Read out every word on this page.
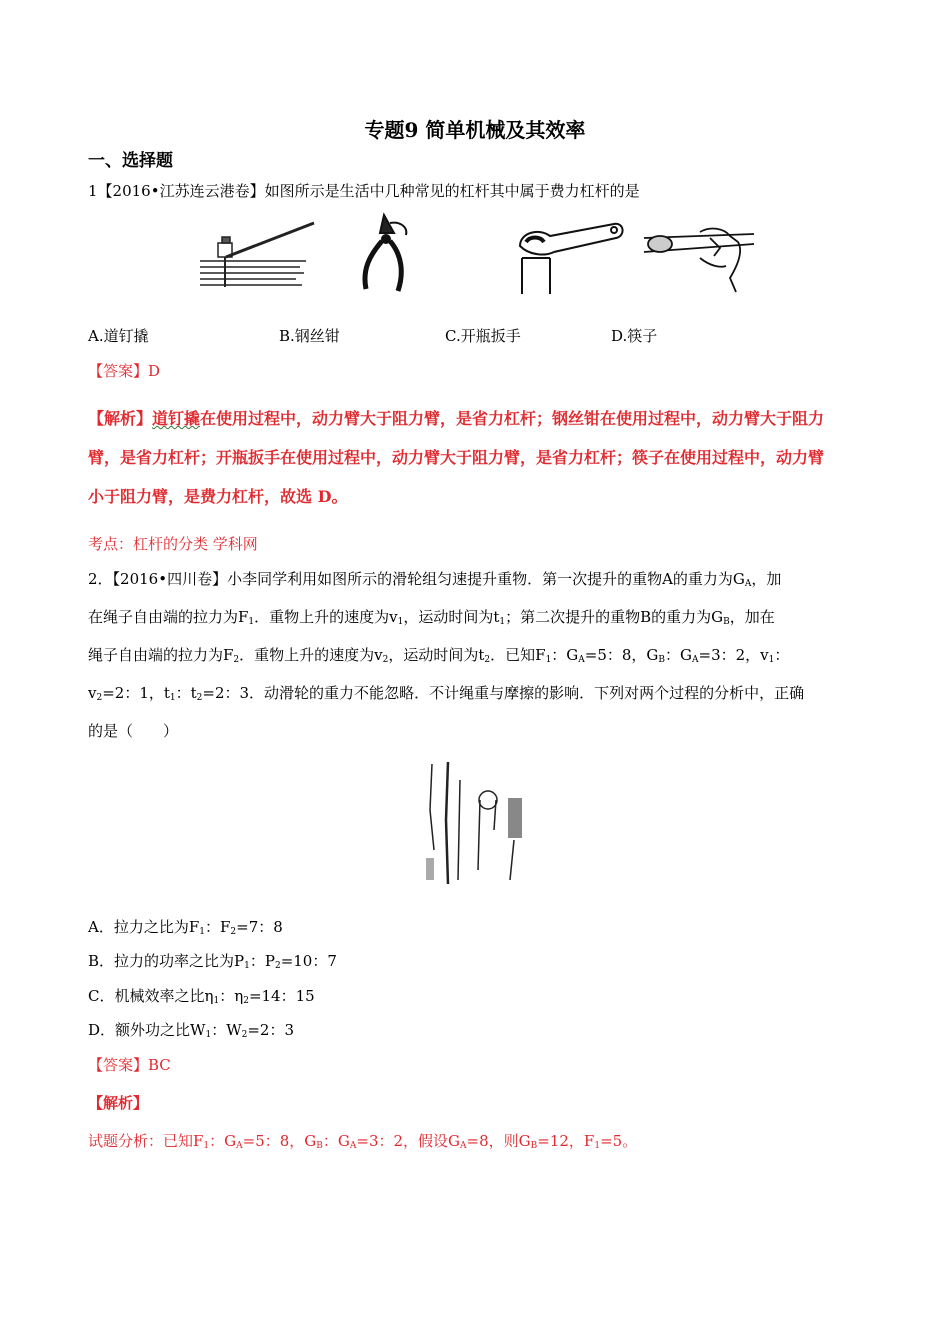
专题9 简单机械及其效率
一、选择题
1【2016•江苏连云港卷】如图所示是生活中几种常见的杠杆其中属于费力杠杆的是
A.道钉撬	B.钢丝钳	C.开瓶扳手	D.筷子
【答案】D
【解析】道钉撬在使用过程中，动力臂大于阻力臂，是省力杠杆；钢丝钳在使用过程中，动力臂大于阻力
臂，是省力杠杆；开瓶扳手在使用过程中，动力臂大于阻力臂，是省力杠杆；筷子在使用过程中，动力臂
小于阻力臂，是费力杠杆，故选 D。
考点：杠杆的分类 学科网
2．【2016•四川卷】小李同学利用如图所示的滑轮组匀速提升重物．第一次提升的重物A的重力为$G_A$，加
在绳子自由端的拉力为$F_1$．重物上升的速度为$v_1$，运动时间为$t_1$；第二次提升的重物B的重力为$G_B$，加在
绳子自由端的拉力为$F_2$．重物上升的速度为$v_2$，运动时间为$t_2$．已知$F_1$：$G_A=5$：8，$G_B$：$G_A=3$：2，$v_1$：
$v_2=2$：1，$t_1$：$t_2=2$：3．动滑轮的重力不能忽略．不计绳重与摩擦的影响．下列对两个过程的分析中，正确
的是（　　）
A．拉力之比为$F_1$：$F_2=7$：8
B．拉力的功率之比为$P_1$：$P_2=10$：7
C．机械效率之比$\eta_1$：$\eta_2=14$：15
D．额外功之比$W_1$：$W_2=2$：3
【答案】BC
【解析】
试题分析：已知$F_1$：$G_A=5$：8，$G_B$：$G_A=3$：2，假设$G_A=8$，则$G_B=12$，$F_1=5$。
